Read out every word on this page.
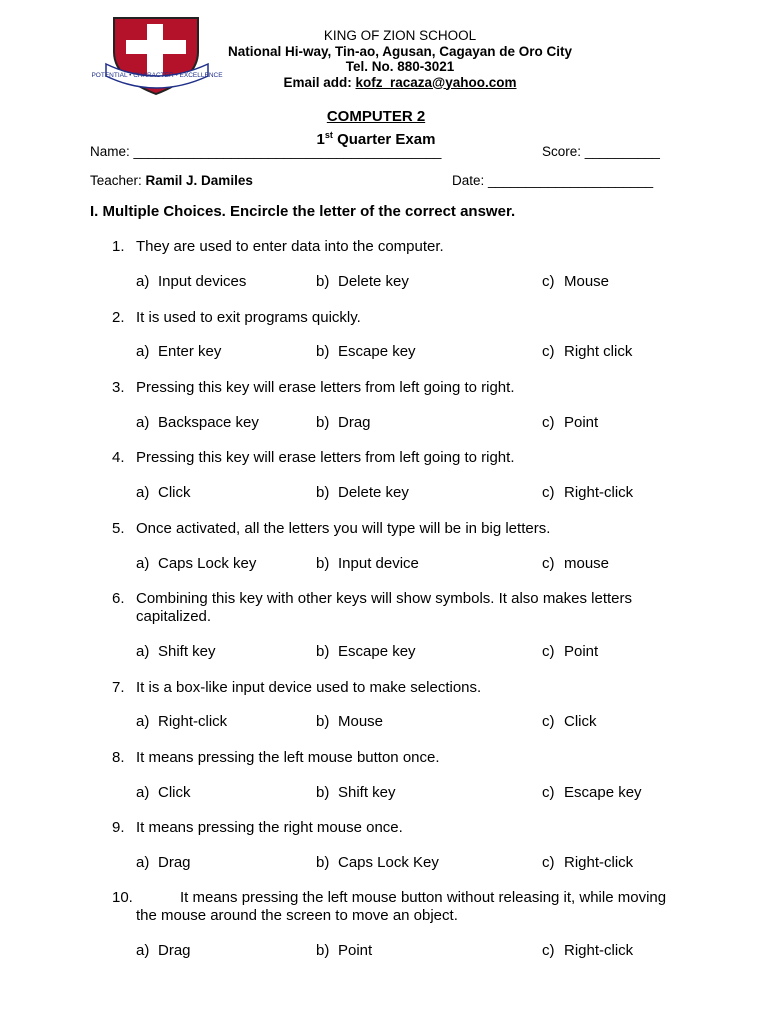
POTENTIAL • CHARACTER • EXCELLENCE
KING OF ZION SCHOOL
National Hi-way, Tin-ao, Agusan, Cagayan de Oro City
Tel. No. 880-3021
Email add: kofz_racaza@yahoo.com
COMPUTER 2
1st Quarter Exam
Name: _________________________________________	Score: __________
Teacher: Ramil J. Damiles	Date: ______________________
I. Multiple Choices. Encircle the letter of the correct answer.
1. They are used to enter data into the computer.
a) Input devices	b) Delete key	c) Mouse
2. It is used to exit programs quickly.
a) Enter key	b) Escape key	c) Right click
3. Pressing this key will erase letters from left going to right.
a) Backspace key	b) Drag	c) Point
4. Pressing this key will erase letters from left going to right.
a) Click	b) Delete key	c) Right-click
5. Once activated, all the letters you will type will be in big letters.
a) Caps Lock key	b) Input device	c) mouse
6. Combining this key with other keys will show symbols. It also makes letters capitalized.
a) Shift key	b) Escape key	c) Point
7. It is a box-like input device used to make selections.
a) Right-click	b) Mouse	c) Click
8. It means pressing the left mouse button once.
a) Click	b) Shift key	c) Escape key
9. It means pressing the right mouse once.
a) Drag	b) Caps Lock Key	c) Right-click
10.	It means pressing the left mouse button without releasing it, while moving the mouse around the screen to move an object.
a) Drag	b) Point	c) Right-click
